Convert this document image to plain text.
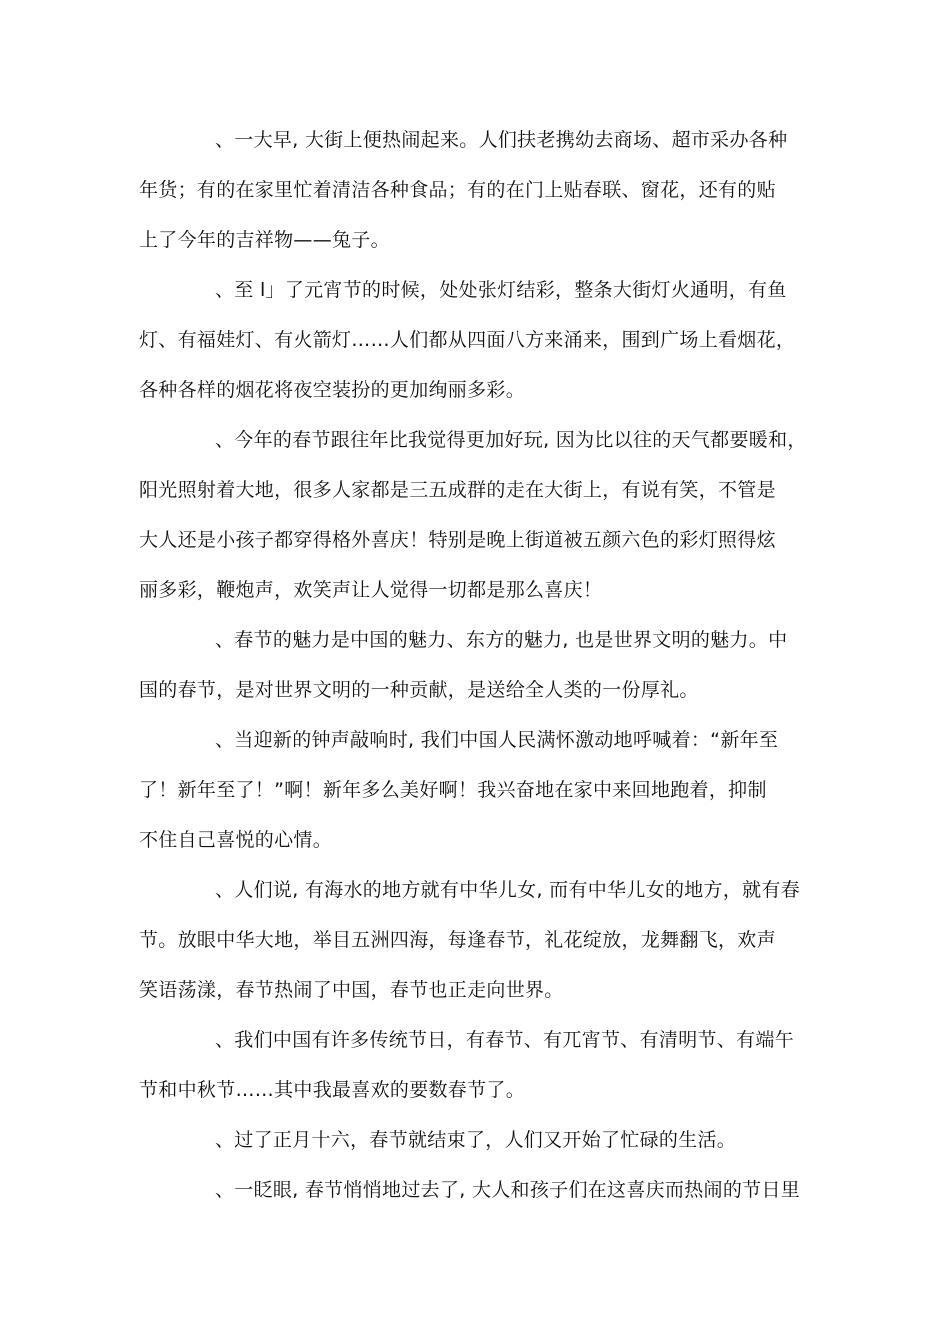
、一大早, 大街上便热闹起来。人们扶老携幼去商场、超市采办各种
年货；有的在家里忙着清洁各种食品；有的在门上贴春联、窗花，还有的贴
上了今年的吉祥物——兔子。
、至 l」了元宵节的时候，处处张灯结彩，整条大街灯火通明，有鱼
灯、有福娃灯、有火箭灯……人们都从四面八方来涌来，围到广场上看烟花，
各种各样的烟花将夜空装扮的更加绚丽多彩。
、今年的春节跟往年比我觉得更加好玩, 因为比以往的天气都要暖和，
阳光照射着大地，很多人家都是三五成群的走在大街上，有说有笑，不管是
大人还是小孩子都穿得格外喜庆！特别是晚上街道被五颜六色的彩灯照得炫
丽多彩，鞭炮声，欢笑声让人觉得一切都是那么喜庆！
、春节的魅力是中国的魅力、东方的魅力, 也是世界文明的魅力。中
国的春节，是对世界文明的一种贡献，是送给全人类的一份厚礼。
、当迎新的钟声敲响时, 我们中国人民满怀激动地呼喊着：“新年至
了！新年至了！”啊！新年多么美好啊！我兴奋地在家中来回地跑着，抑制
不住自己喜悦的心情。
、人们说, 有海水的地方就有中华儿女, 而有中华儿女的地方，就有春
节。放眼中华大地，举目五洲四海，每逢春节，礼花绽放，龙舞翻飞，欢声
笑语荡漾，春节热闹了中国，春节也正走向世界。
、我们中国有许多传统节日，有春节、有兀宵节、有清明节、有端午
节和中秋节……其中我最喜欢的要数春节了。
、过了正月十六，春节就结束了，人们又开始了忙碌的生活。
、一眨眼, 春节悄悄地过去了, 大人和孩子们在这喜庆而热闹的节日里
